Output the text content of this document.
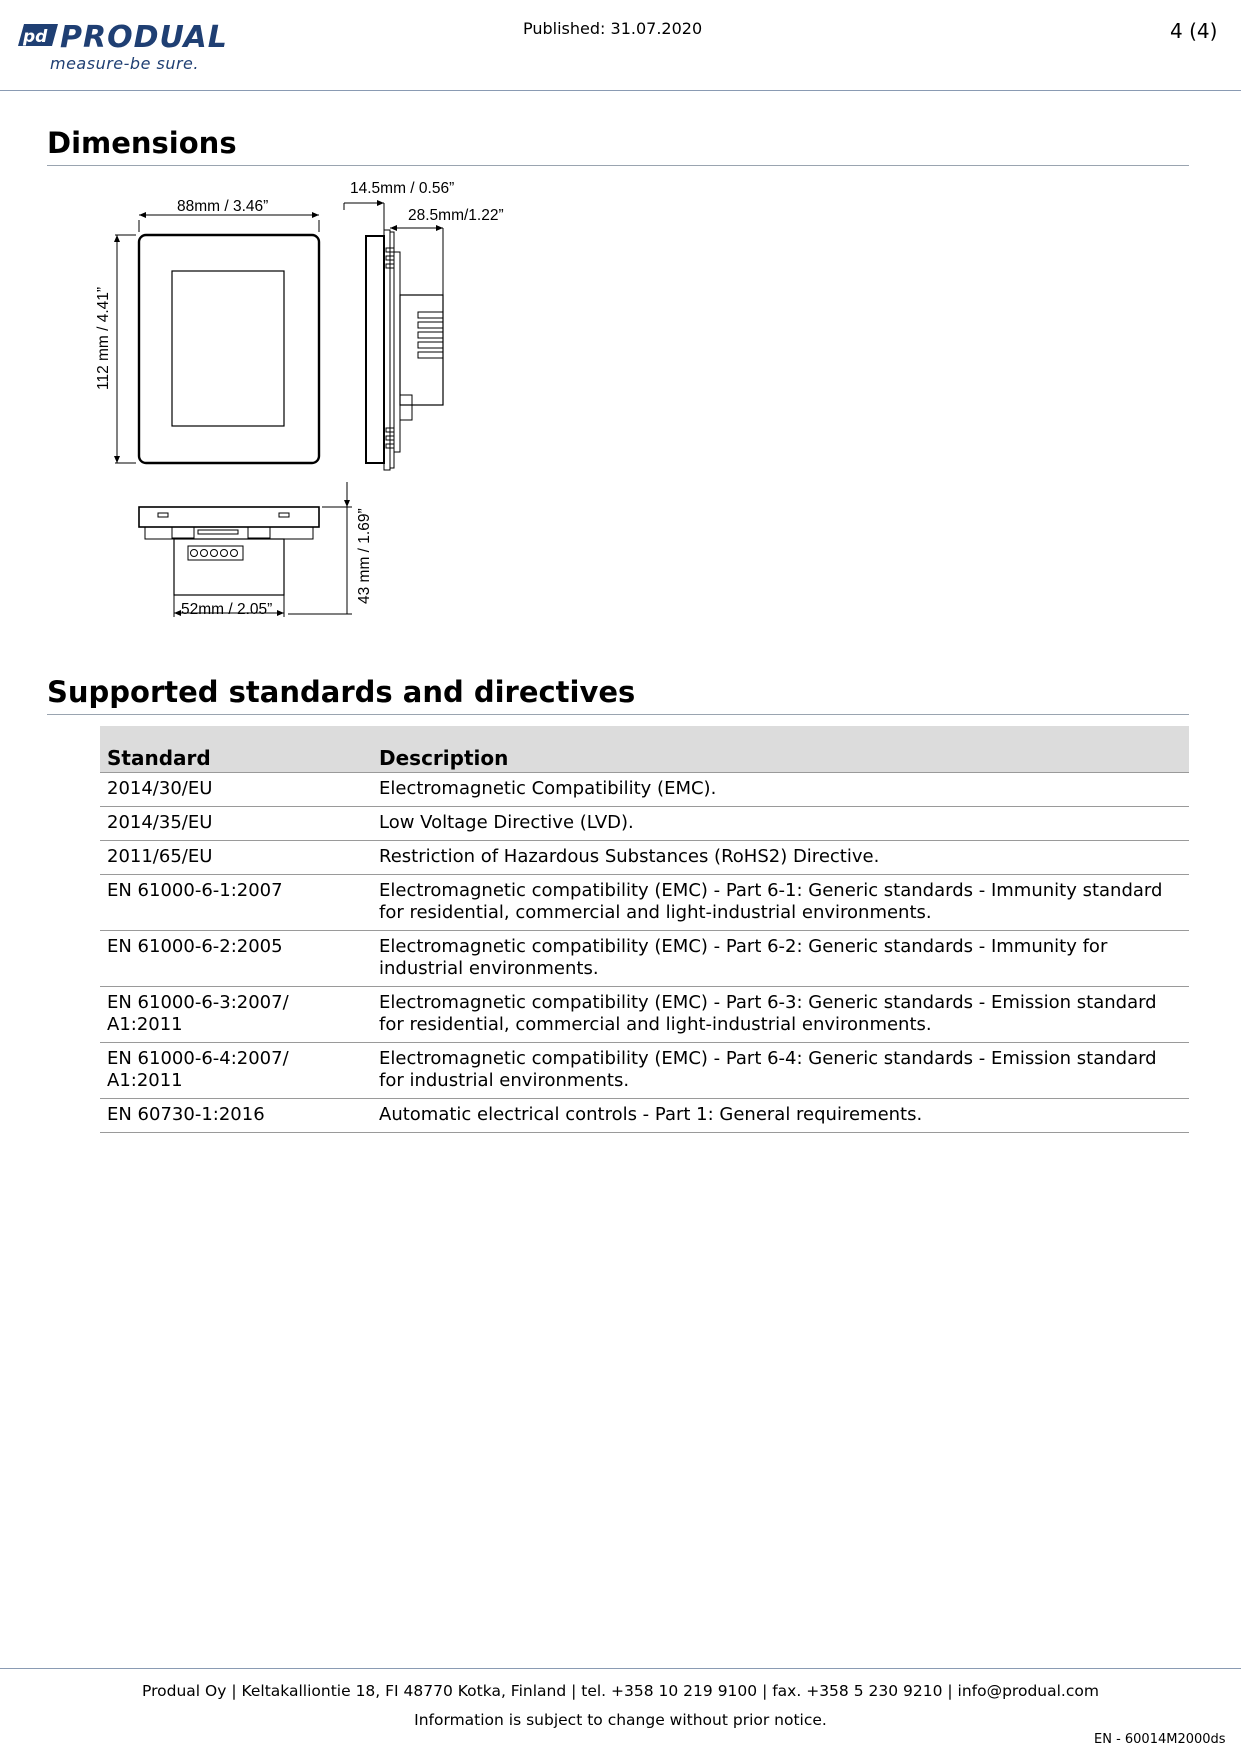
pd PRODUAL
measure-be sure.
Published: 31.07.2020	4 (4)
Dimensions
88mm / 3.46”
14.5mm / 0.56”
28.5mm/1.22”
112 mm / 4.41”
43 mm / 1.69”
52mm / 2.05”
Supported standards and directives
Standard	Description
2014/30/EU	Electromagnetic Compatibility (EMC).
2014/35/EU	Low Voltage Directive (LVD).
2011/65/EU	Restriction of Hazardous Substances (RoHS2) Directive.
EN 61000-6-1:2007	Electromagnetic compatibility (EMC) - Part 6-1: Generic standards - Immunity standard for residential, commercial and light-industrial environments.
EN 61000-6-2:2005	Electromagnetic compatibility (EMC) - Part 6-2: Generic standards - Immunity for industrial environments.
EN 61000-6-3:2007/ A1:2011	Electromagnetic compatibility (EMC) - Part 6-3: Generic standards - Emission standard for residential, commercial and light-industrial environments.
EN 61000-6-4:2007/ A1:2011	Electromagnetic compatibility (EMC) - Part 6-4: Generic standards - Emission standard for industrial environments.
EN 60730-1:2016	Automatic electrical controls - Part 1: General requirements.
Produal Oy | Keltakalliontie 18, FI 48770 Kotka, Finland | tel. +358 10 219 9100 | fax. +358 5 230 9210 | info@produal.com
Information is subject to change without prior notice.
EN - 60014M2000ds
